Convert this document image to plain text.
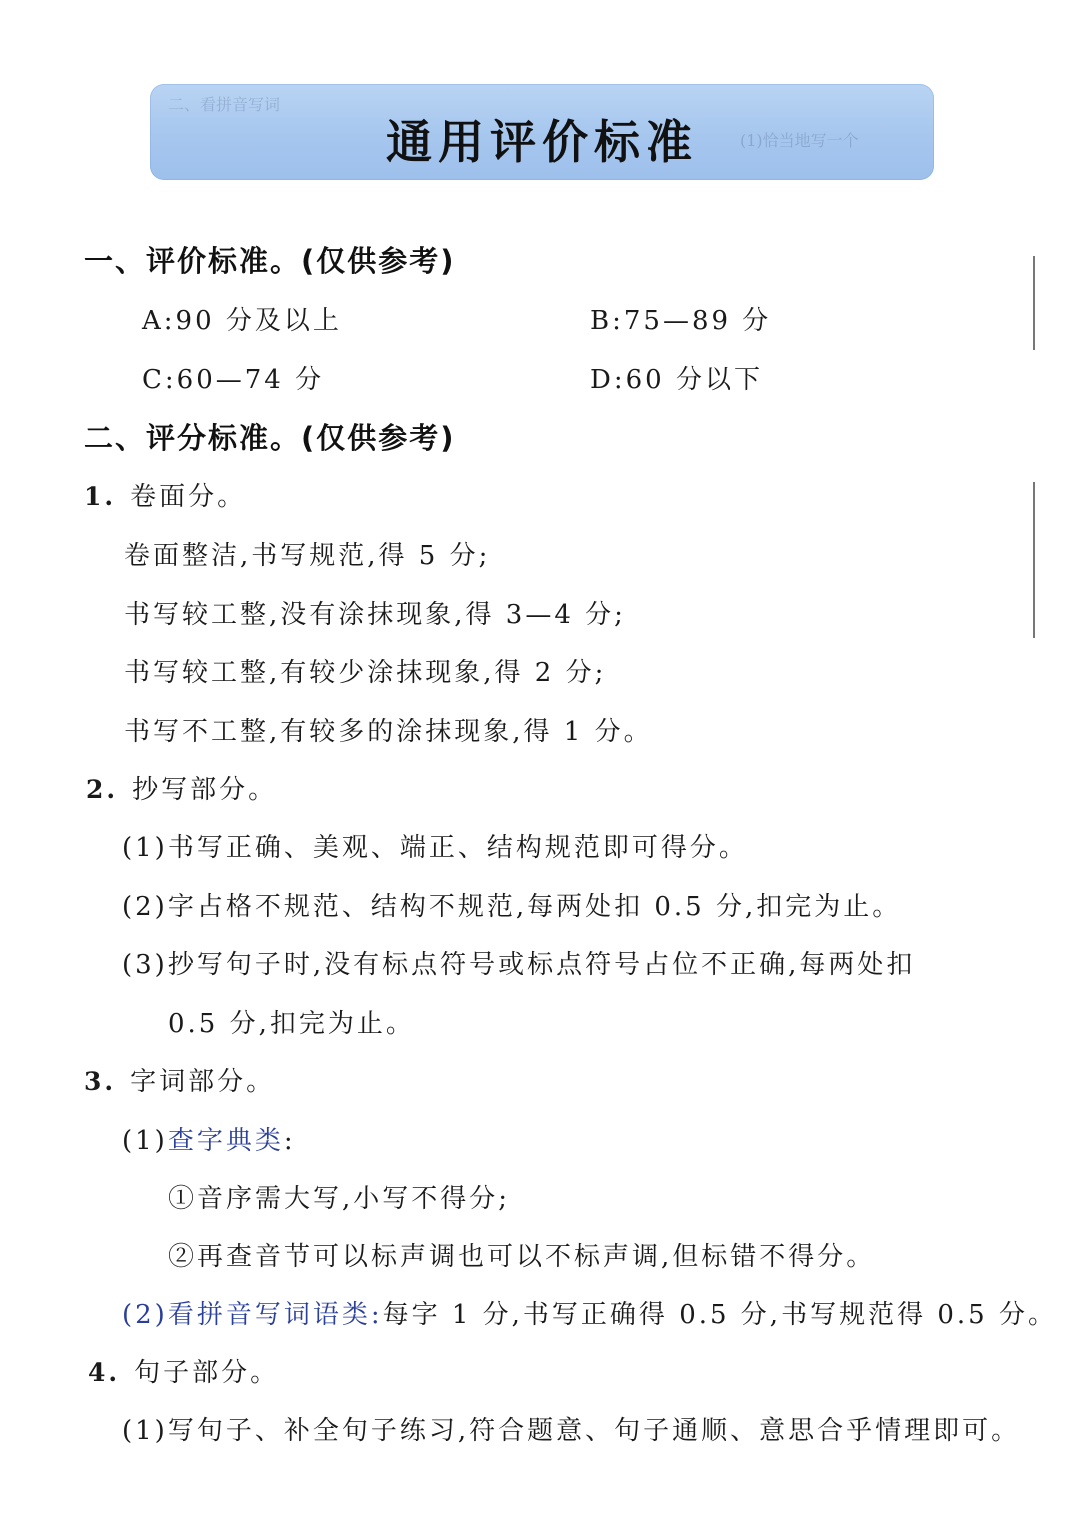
二、看拼音写词
(1)恰当地写一个
通用评价标准
一、评价标准。(仅供参考)
A:90 分及以上	B:75—89 分
C:60—74 分	D:60 分以下
二、评分标准。(仅供参考)
1. 卷面分。
卷面整洁,书写规范,得 5 分;
书写较工整,没有涂抹现象,得 3—4 分;
书写较工整,有较少涂抹现象,得 2 分;
书写不工整,有较多的涂抹现象,得 1 分。
2. 抄写部分。
(1)书写正确、美观、端正、结构规范即可得分。
(2)字占格不规范、结构不规范,每两处扣 0.5 分,扣完为止。
(3)抄写句子时,没有标点符号或标点符号占位不正确,每两处扣
0.5 分,扣完为止。
3. 字词部分。
(1)查字典类:
①音序需大写,小写不得分;
②再查音节可以标声调也可以不标声调,但标错不得分。
(2)看拼音写词语类:每字 1 分,书写正确得 0.5 分,书写规范得 0.5 分。
4. 句子部分。
(1)写句子、补全句子练习,符合题意、句子通顺、意思合乎情理即可。
